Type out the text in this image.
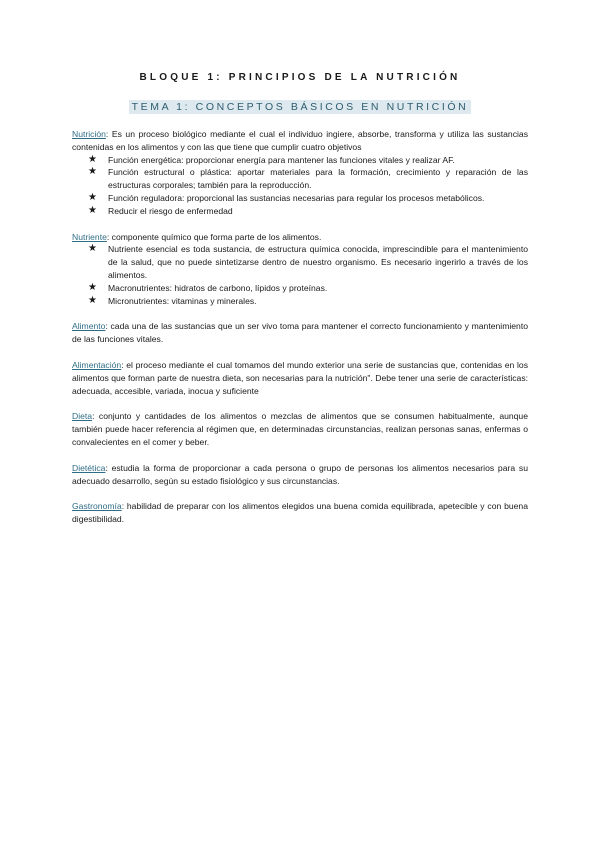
BLOQUE 1: PRINCIPIOS DE LA NUTRICIÓN
TEMA 1: CONCEPTOS BÁSICOS EN NUTRICIÓN
Nutrición: Es un proceso biológico mediante el cual el individuo ingiere, absorbe, transforma y utiliza las sustancias contenidas en los alimentos y con las que tiene que cumplir cuatro objetivos
★ Función energética: proporcionar energía para mantener las funciones vitales y realizar AF.
★ Función estructural o plástica: aportar materiales para la formación, crecimiento y reparación de las estructuras corporales; también para la reproducción.
★ Función reguladora: proporcional las sustancias necesarias para regular los procesos metabólicos.
★ Reducir el riesgo de enfermedad
Nutriente: componente químico que forma parte de los alimentos.
★ Nutriente esencial es toda sustancia, de estructura química conocida, imprescindible para el mantenimiento de la salud, que no puede sintetizarse dentro de nuestro organismo. Es necesario ingerirlo a través de los alimentos.
★ Macronutrientes: hidratos de carbono, lípidos y proteínas.
★ Micronutrientes: vitaminas y minerales.
Alimento: cada una de las sustancias que un ser vivo toma para mantener el correcto funcionamiento y mantenimiento de las funciones vitales.
Alimentación: el proceso mediante el cual tomamos del mundo exterior una serie de sustancias que, contenidas en los alimentos que forman parte de nuestra dieta, son necesarias para la nutrición". Debe tener una serie de características: adecuada, accesible, variada, inocua y suficiente
Dieta: conjunto y cantidades de los alimentos o mezclas de alimentos que se consumen habitualmente, aunque también puede hacer referencia al régimen que, en determinadas circunstancias, realizan personas sanas, enfermas o convalecientes en el comer y beber.
Dietética: estudia la forma de proporcionar a cada persona o grupo de personas los alimentos necesarios para su adecuado desarrollo, según su estado fisiológico y sus circunstancias.
Gastronomía: habilidad de preparar con los alimentos elegidos una buena comida equilibrada, apetecible y con buena digestibilidad.
